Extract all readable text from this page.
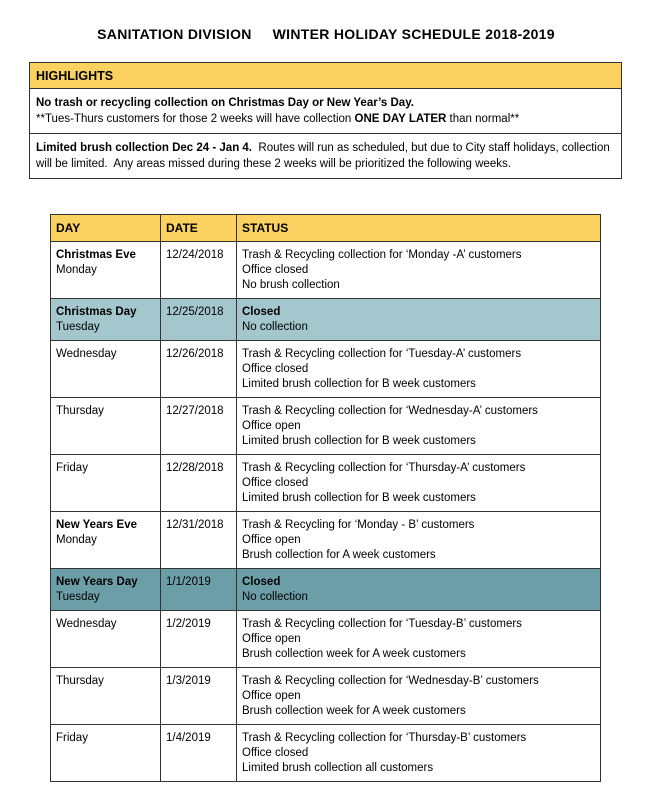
SANITATION DIVISION WINTER HOLIDAY SCHEDULE 2018-2019
HIGHLIGHTS
No trash or recycling collection on Christmas Day or New Year’s Day.
**Tues-Thurs customers for those 2 weeks will have collection ONE DAY LATER than normal**
Limited brush collection Dec 24 - Jan 4.  Routes will run as scheduled, but due to City staff holidays, collection will be limited.  Any areas missed during these 2 weeks will be prioritized the following weeks.
DAY	DATE	STATUS

Christmas Eve
Monday	12/24/2018	Trash & Recycling collection for ‘Monday -A’ customers
Office closed
No brush collection

Christmas Day
Tuesday	12/25/2018	Closed
No collection

Wednesday	12/26/2018	Trash & Recycling collection for ‘Tuesday-A’ customers
Office closed
Limited brush collection for B week customers

Thursday	12/27/2018	Trash & Recycling collection for ‘Wednesday-A’ customers
Office open
Limited brush collection for B week customers

Friday	12/28/2018	Trash & Recycling collection for ‘Thursday-A’ customers
Office closed
Limited brush collection for B week customers

New Years Eve
Monday	12/31/2018	Trash & Recycling for ‘Monday - B’ customers
Office open
Brush collection for A week customers

New Years Day
Tuesday	1/1/2019	Closed
No collection

Wednesday	1/2/2019	Trash & Recycling collection for ‘Tuesday-B’ customers
Office open
Brush collection week for A week customers

Thursday	1/3/2019	Trash & Recycling collection for ‘Wednesday-B’ customers
Office open
Brush collection week for A week customers

Friday	1/4/2019	Trash & Recycling collection for ‘Thursday-B’ customers
Office closed
Limited brush collection all customers
